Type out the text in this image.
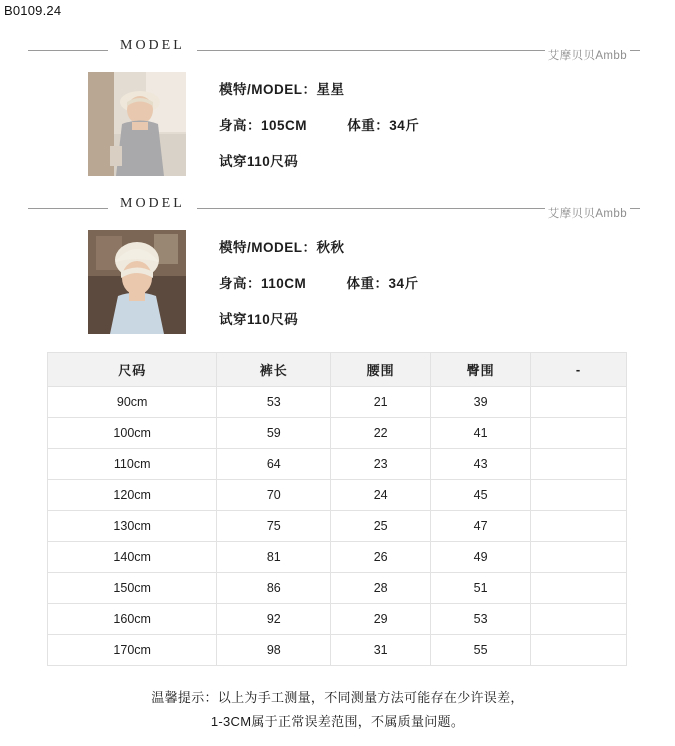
B0109.24
MODEL
艾摩贝贝Ambb
模特/MODEL：星星
身高：105CM	体重：34斤
试穿110尺码
MODEL
艾摩贝贝Ambb
模特/MODEL：秋秋
身高：110CM	体重：34斤
试穿110尺码
尺码	裤长	腰围	臀围	-
90cm	53	21	39	
100cm	59	22	41	
110cm	64	23	43	
120cm	70	24	45	
130cm	75	25	47	
140cm	81	26	49	
150cm	86	28	51	
160cm	92	29	53	
170cm	98	31	55	
温馨提示：以上为手工测量，不同测量方法可能存在少许误差，
1-3CM属于正常误差范围，不属质量问题。
